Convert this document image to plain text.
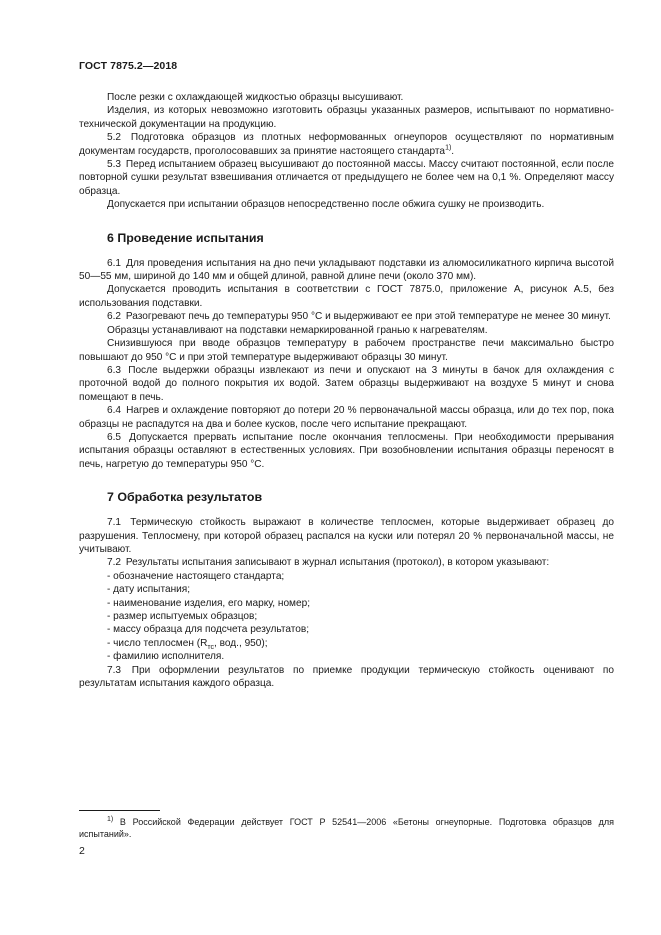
ГОСТ 7875.2—2018

После резки с охлаждающей жидкостью образцы высушивают.

Изделия, из которых невозможно изготовить образцы указанных размеров, испытывают по нормативно-технической документации на продукцию.

5.2 Подготовка образцов из плотных неформованных огнеупоров осуществляют по нормативным документам государств, проголосовавших за принятие настоящего стандарта$^{1)}$.

5.3 Перед испытанием образец высушивают до постоянной массы. Массу считают постоянной, если после повторной сушки результат взвешивания отличается от предыдущего не более чем на 0,1 %. Определяют массу образца.

Допускается при испытании образцов непосредственно после обжига сушку не производить.

6 Проведение испытания

6.1 Для проведения испытания на дно печи укладывают подставки из алюмосиликатного кирпича высотой 50—55 мм, шириной до 140 мм и общей длиной, равной длине печи (около 370 мм).

Допускается проводить испытания в соответствии с ГОСТ 7875.0, приложение А, рисунок А.5, без использования подставки.

6.2 Разогревают печь до температуры 950 °С и выдерживают ее при этой температуре не менее 30 минут.

Образцы устанавливают на подставки немаркированной гранью к нагревателям.

Снизившуюся при вводе образцов температуру в рабочем пространстве печи максимально быстро повышают до 950 °С и при этой температуре выдерживают образцы 30 минут.

6.3 После выдержки образцы извлекают из печи и опускают на 3 минуты в бачок для охлаждения с проточной водой до полного покрытия их водой. Затем образцы выдерживают на воздухе 5 минут и снова помещают в печь.

6.4 Нагрев и охлаждение повторяют до потери 20 % первоначальной массы образца, или до тех пор, пока образцы не распадутся на два и более кусков, после чего испытание прекращают.

6.5 Допускается прервать испытание после окончания теплосмены. При необходимости прерывания испытания образцы оставляют в естественных условиях. При возобновлении испытания образцы переносят в печь, нагретую до температуры 950 °С.

7 Обработка результатов

7.1 Термическую стойкость выражают в количестве теплосмен, которые выдерживает образец до разрушения. Теплосмену, при которой образец распался на куски или потерял 20 % первоначальной массы, не учитывают.

7.2 Результаты испытания записывают в журнал испытания (протокол), в котором указывают:

- обозначение настоящего стандарта;
- дату испытания;
- наименование изделия, его марку, номер;
- размер испытуемых образцов;
- массу образца для подсчета результатов;
- число теплосмен ($R_{тс}$, вод., 950);
- фамилию исполнителя.

7.3 При оформлении результатов по приемке продукции термическую стойкость оценивают по результатам испытания каждого образца.

$^{1)}$ В Российской Федерации действует ГОСТ Р 52541—2006 «Бетоны огнеупорные. Подготовка образцов для испытаний».

2
